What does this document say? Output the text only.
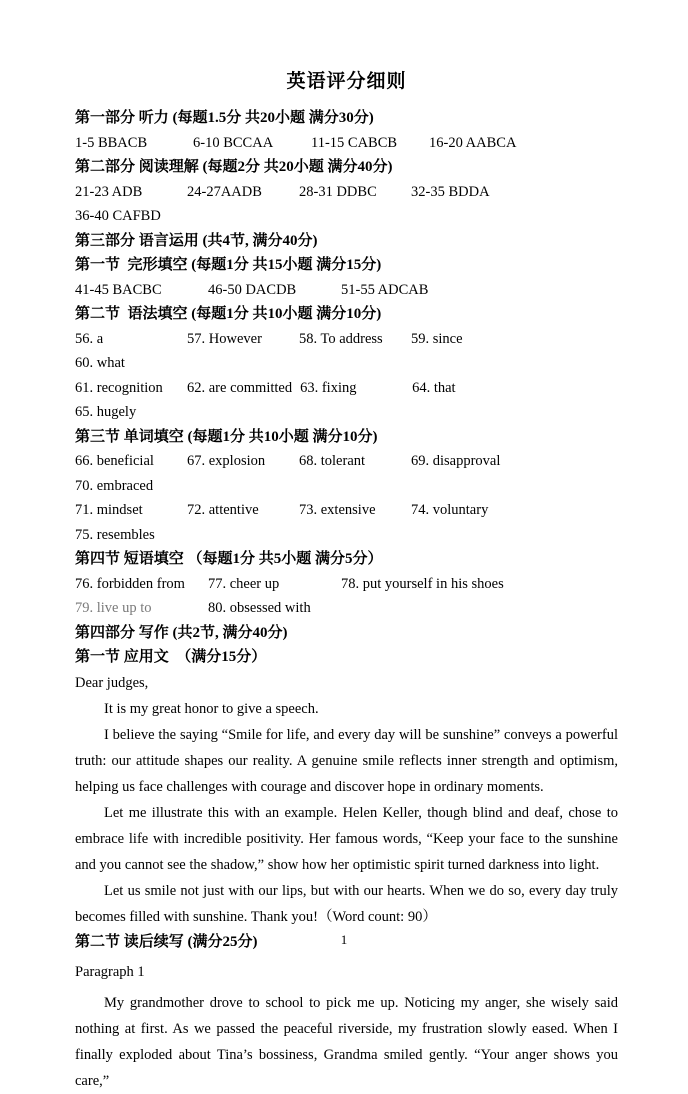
英语评分细则
第一部分 听力 (每题1.5分 共20小题 满分30分)
1-5 BBACB	6-10 BCCAA	11-15 CABCB	16-20 AABCA
第二部分 阅读理解 (每题2分 共20小题 满分40分)
21-23 ADB	24-27AADB	28-31 DDBC	32-35 BDDA
36-40 CAFBD
第三部分 语言运用 (共4节, 满分40分)
第一节  完形填空 (每题1分 共15小题 满分15分)
41-45 BACBC	46-50 DACDB	51-55 ADCAB
第二节  语法填空 (每题1分 共10小题 满分10分)
56. a	57. However	58. To address	59. since
60. what
61. recognition	62. are committed 63. fixing	64. that
65. hugely
第三节 单词填空 (每题1分 共10小题 满分10分)
66. beneficial	67. explosion	68. tolerant	69. disapproval
70. embraced
71. mindset	72. attentive	73. extensive	74. voluntary
75. resembles
第四节 短语填空 （每题1分 共5小题 满分5分）
76. forbidden from	77. cheer up	78. put yourself in his shoes
79. live up to	80. obsessed with
第四部分 写作 (共2节, 满分40分)
第一节 应用文  （满分15分）
Dear judges,
It is my great honor to give a speech.
I believe the saying “Smile for life, and every day will be sunshine” conveys a powerful truth: our attitude shapes our reality. A genuine smile reflects inner strength and optimism, helping us face challenges with courage and discover hope in ordinary moments.
Let me illustrate this with an example. Helen Keller, though blind and deaf, chose to embrace life with incredible positivity. Her famous words, “Keep your face to the sunshine and you cannot see the shadow,” show how her optimistic spirit turned darkness into light.
Let us smile not just with our lips, but with our hearts. When we do so, every day truly becomes filled with sunshine. Thank you!（Word count: 90）
第二节 读后续写 (满分25分)
Paragraph 1
My grandmother drove to school to pick me up. Noticing my anger, she wisely said nothing at first. As we passed the peaceful riverside, my frustration slowly eased. When I finally exploded about Tina’s bossiness, Grandma smiled gently. “Your anger shows you care,”
1
